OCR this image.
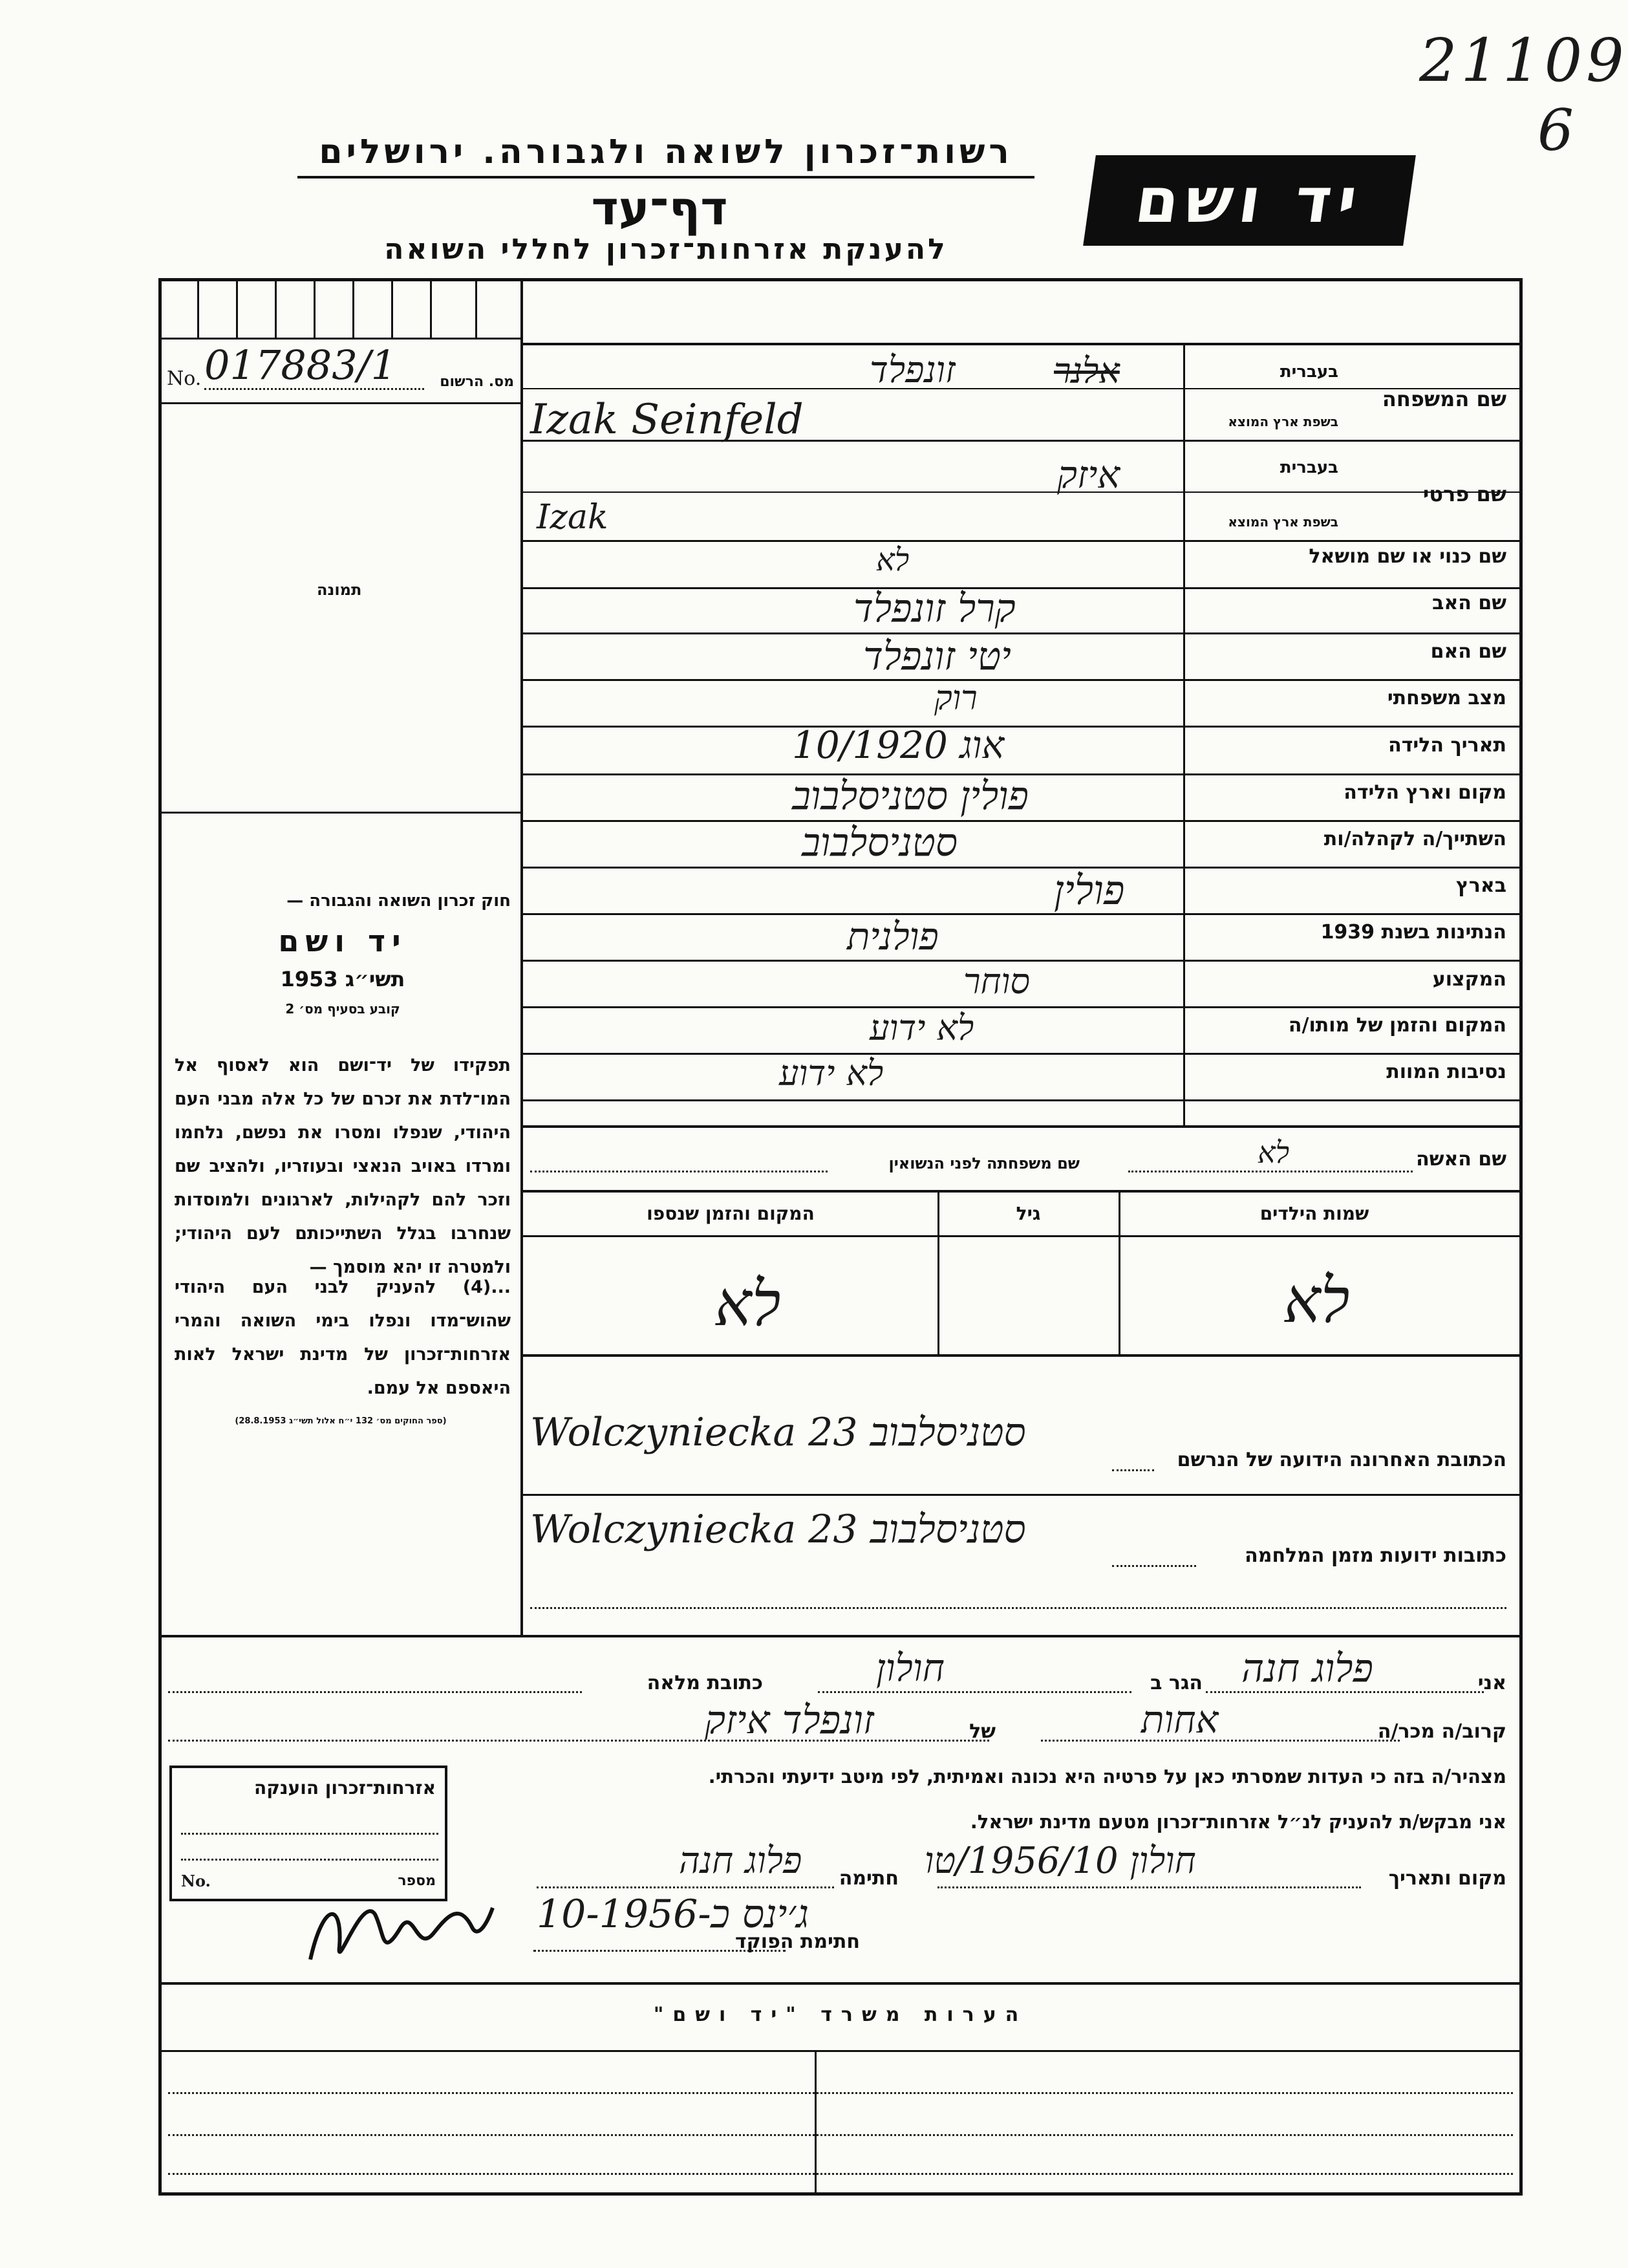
21109
6
רשות־זכרון לשואה ולגבורה. ירושלים
דף־עד
להענקת אזרחות־זכרון לחללי השואה
יד ושם
No. 017883/1	מס. הרשום
תמונה
חוק זכרון השואה והגבורה —
יד ושם
תשי״ג 1953
קובע בסעיף מס׳ 2
תפקידו של יד־ושם הוא לאסוף אל המו־לדת את זכרם של כל אלה מבני העם היהודי, שנפלו ומסרו את נפשם, נלחמו ומרדו באויב הנאצי ובעוזריו, ולהציב שם וזכר להם לקהילות, לארגונים ולמוסדות שנחרבו בגלל השתייכותם לעם היהודי; ולמטרה זו יהא מוסמך —
...(4) להעניק לבני העם היהודי שהוש־מדו ונפלו בימי השואה והמרי אזרחות־זכרון של מדינת ישראל לאות היאספם אל עמם.
(ספר החוקים מס׳ 132 י״ח אלול תשי״ג 28.8.1953)
שם המשפחה
בעברית
בשפת ארץ המוצא
אלנר
זונפלד
Izak Seinfeld
שם פרטי
בעברית
בשפת ארץ המוצא
איזק
Izak
שם כנוי או שם מושאל
לא
שם האב
קרל זונפלד
שם האם
יטי זונפלד
מצב משפחתי
רוק
תאריך הלידה
10/אוג 1920
מקום וארץ הלידה
פולין סטניסלבוב
השתייך/ה לקהלה/ות
סטניסלבוב
בארץ
פולין
הנתינות בשנת 1939
פולנית
המקצוע
סוחר
המקום והזמן של מותו/ה
לא ידוע
נסיבות המוות
לא ידוע
שם האשה
לא
שם משפחתה לפני הנשואין
שמות הילדים
גיל
המקום והזמן שנספו
לא
לא
Wolczyniecka 23 סטניסלבוב
הכתובת האחרונה הידועה של הנרשם
Wolczyniecka 23 סטניסלבוב
כתובות ידועות מזמן המלחמה
אני
פלוג חנה
הגר ב
חולון
כתובת מלאה
קרוב/ה מכר/ה
אחות
של
זונפלד איזק
מצהיר/ה בזה כי העדות שמסרתי כאן על פרטיה היא נכונה ואמיתית, לפי מיטב ידיעתי והכרתי.
אני מבקש/ת להעניק לנ״ל אזרחות־זכרון מטעם מדינת ישראל.
מקום ותאריך
חולון 1956/10/טו
חתימה
פלוג חנה
חתימת הפוקד
ג׳ינס כ-10-1956
אזרחות־זכרון הוענקה
No.	מספר
הערות משרד "יד ושם"
